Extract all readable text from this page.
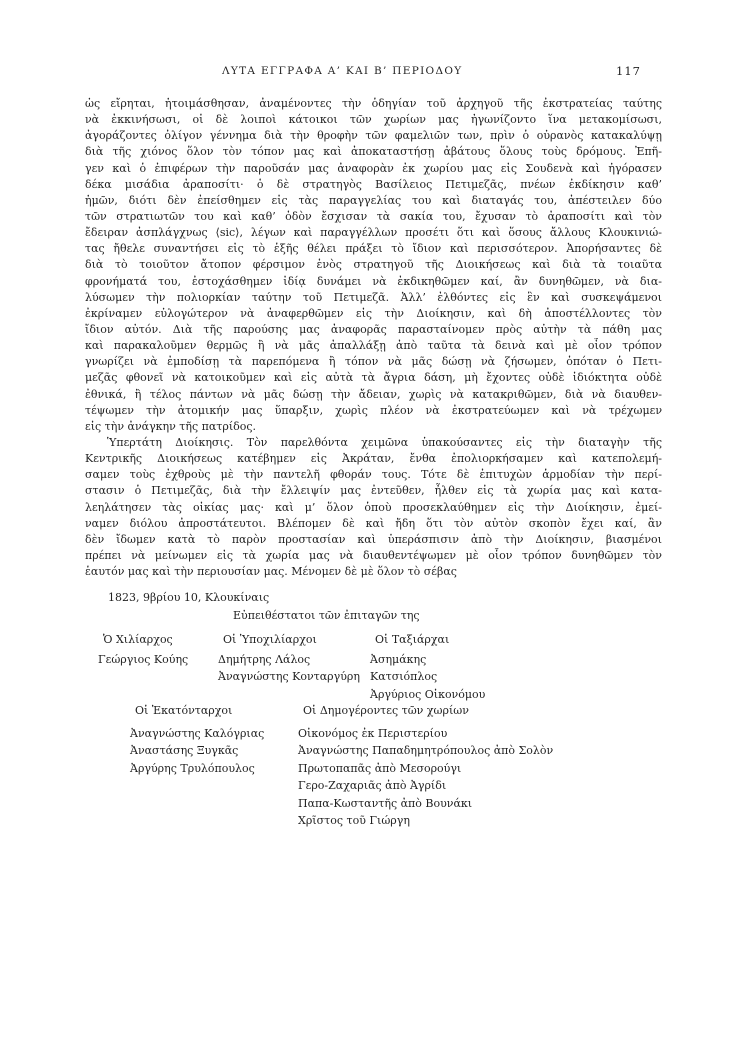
ΛΥΤΑ ΕΓΓΡΑΦΑ Α’ ΚΑΙ Β’ ΠΕΡΙΟΔΟΥ	117
ὡς εἴρηται, ἡτοιμάσθησαν, ἀναμένοντες τὴν ὁδηγίαν τοῦ ἀρχηγοῦ τῆς ἐκστρατείας ταύτης
νὰ ἐκκινήσωσι, οἱ δὲ λοιποὶ κάτοικοι τῶν χωρίων μας ἠγωνίζοντο ἵνα μετακομίσωσι,
ἀγοράζοντες ὀλίγον γέννημα διὰ τὴν θροφὴν τῶν φαμελιῶν των, πρὶν ὁ οὐρανὸς κατακαλύψῃ
διὰ τῆς χιόνος ὅλον τὸν τόπον μας καὶ ἀποκαταστήσῃ ἀβάτους ὅλους τοὺς δρόμους. Ἐπῆ-
γεν καὶ ὁ ἐπιφέρων τὴν παροῦσάν μας ἀναφορὰν ἐκ χωρίου μας εἰς Σουδενὰ καὶ ἠγόρασεν
δέκα μισάδια ἀραποσίτι· ὁ δὲ στρατηγὸς Βασίλειος Πετιμεζᾶς, πνέων ἐκδίκησιν καθ’
ἡμῶν, διότι δὲν ἐπείσθημεν εἰς τὰς παραγγελίας του καὶ διαταγάς του, ἀπέστειλεν δύο
τῶν στρατιωτῶν του καὶ καθ’ ὁδὸν ἔσχισαν τὰ σακία του, ἔχυσαν τὸ ἀραποσίτι καὶ τὸν
ἔδειραν ἀσπλάγχνως ⟨sic⟩, λέγων καὶ παραγγέλλων προσέτι ὅτι καὶ ὅσους ἄλλους Κλουκινιώ-
τας ἤθελε συναντήσει εἰς τὸ ἑξῆς θέλει πράξει τὸ ἴδιον καὶ περισσότερον. Ἀπορήσαντες δὲ
διὰ τὸ τοιοῦτον ἄτοπον φέρσιμον ἑνὸς στρατηγοῦ τῆς Διοικήσεως καὶ διὰ τὰ τοιαῦτα
φρονήματά του, ἐστοχάσθημεν ἰδίᾳ δυνάμει νὰ ἐκδικηθῶμεν καί, ἂν δυνηθῶμεν, νὰ δια-
λύσωμεν τὴν πολιορκίαν ταύτην τοῦ Πετιμεζᾶ. Ἀλλ’ ἐλθόντες εἰς ἓν καὶ συσκεψάμενοι
ἐκρίναμεν εὐλογώτερον νὰ ἀναφερθῶμεν εἰς τὴν Διοίκησιν, καὶ δὴ ἀποστέλλοντες τὸν
ἴδιον αὐτόν. Διὰ τῆς παρούσης μας ἀναφορᾶς παρασταίνομεν πρὸς αὐτὴν τὰ πάθη μας
καὶ παρακαλοῦμεν θερμῶς ἢ νὰ μᾶς ἀπαλλάξῃ ἀπὸ ταῦτα τὰ δεινὰ καὶ μὲ οἷον τρόπον
γνωρίζει νὰ ἐμποδίσῃ τὰ παρεπόμενα ἢ τόπον νὰ μᾶς δώσῃ νὰ ζήσωμεν, ὁπόταν ὁ Πετι-
μεζᾶς φθονεῖ νὰ κατοικοῦμεν καὶ εἰς αὐτὰ τὰ ἄγρια δάση, μὴ ἔχοντες οὐδὲ ἰδιόκτητα οὐδὲ
ἐθνικά, ἢ τέλος πάντων νὰ μᾶς δώσῃ τὴν ἄδειαν, χωρὶς νὰ κατακριθῶμεν, διὰ νὰ διαυθεν-
τέψωμεν τὴν ἀτομικήν μας ὕπαρξιν, χωρὶς πλέον νὰ ἐκστρατεύωμεν καὶ νὰ τρέχωμεν
εἰς τὴν ἀνάγκην τῆς πατρίδος.
Ὑπερτάτη Διοίκησις. Τὸν παρελθόντα χειμῶνα ὑπακούσαντες εἰς τὴν διαταγὴν τῆς
Κεντρικῆς Διοικήσεως κατέβημεν εἰς Ἀκράταν, ἔνθα ἐπολιορκήσαμεν καὶ κατεπολεμή-
σαμεν τοὺς ἐχθροὺς μὲ τὴν παντελῆ φθοράν τους. Τότε δὲ ἐπιτυχὼν ἁρμοδίαν τὴν περί-
στασιν ὁ Πετιμεζᾶς, διὰ τὴν ἔλλειψίν μας ἐντεῦθεν, ἦλθεν εἰς τὰ χωρία μας καὶ κατα-
λεηλάτησεν τὰς οἰκίας μας· καὶ μ’ ὅλον ὁποὺ προσεκλαύθημεν εἰς τὴν Διοίκησιν, ἐμεί-
ναμεν διόλου ἀπροστάτευτοι. Βλέπομεν δὲ καὶ ἤδη ὅτι τὸν αὐτὸν σκοπὸν ἔχει καί, ἂν
δὲν ἴδωμεν κατὰ τὸ παρὸν προστασίαν καὶ ὑπεράσπισιν ἀπὸ τὴν Διοίκησιν, βιασμένοι
πρέπει νὰ μείνωμεν εἰς τὰ χωρία μας νὰ διαυθεντέψωμεν μὲ οἷον τρόπον δυνηθῶμεν τὸν
ἑαυτόν μας καὶ τὴν περιουσίαν μας. Μένομεν δὲ μὲ ὅλον τὸ σέβας
1823, 9βρίου 10, Κλουκίναις
Εὐπειθέστατοι τῶν ἐπιταγῶν της
Ὁ Χιλίαρχος
Γεώργιος Κούης
Οἱ Ὑποχιλίαρχοι
Δημήτρης Λάλος
Ἀναγνώστης Κονταργύρη
Οἱ Ταξιάρχαι
Ἀσημάκης
Κατσιόπλος
Ἀργύριος Οἰκονόμου
Οἱ Ἑκατόνταρχοι
Ἀναγνώστης Καλόγριας
Ἀναστάσης Ξυγκᾶς
Ἀργύρης Τρυλόπουλος
Οἱ Δημογέροντες τῶν χωρίων
Οἰκονόμος ἐκ Περιστερίου
Ἀναγνώστης Παπαδημητρόπουλος ἀπὸ Σολὸν
Πρωτοπαπᾶς ἀπὸ Μεσορούγι
Γερο-Ζαχαριᾶς ἀπὸ Ἀγρίδι
Παπα-Κωσταντῆς ἀπὸ Βουνάκι
Χρῖστος τοῦ Γιώργη
